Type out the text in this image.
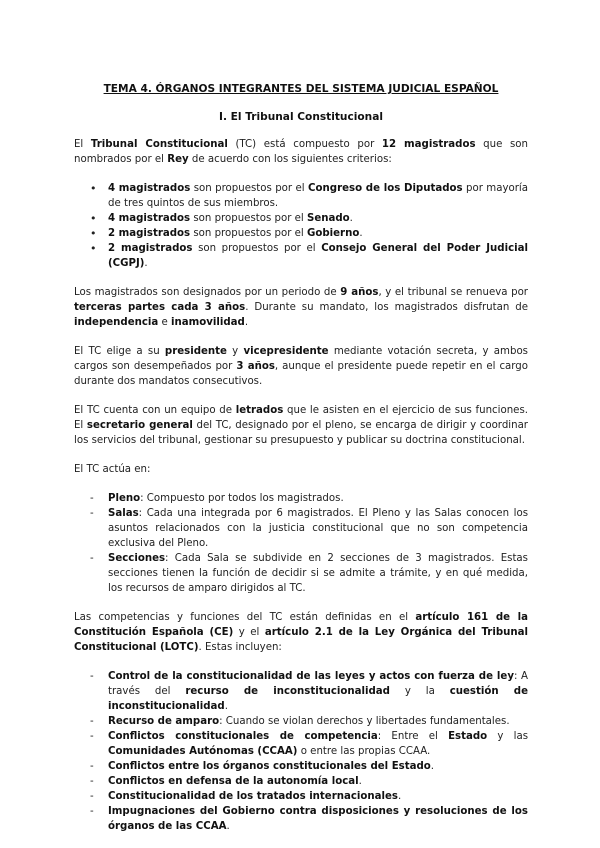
TEMA 4. ÓRGANOS INTEGRANTES DEL SISTEMA JUDICIAL ESPAÑOL
I. El Tribunal Constitucional

El Tribunal Constitucional (TC) está compuesto por 12 magistrados que son nombrados por el Rey de acuerdo con los siguientes criterios:

• 4 magistrados son propuestos por el Congreso de los Diputados por mayoría de tres quintos de sus miembros.
• 4 magistrados son propuestos por el Senado.
• 2 magistrados son propuestos por el Gobierno.
• 2 magistrados son propuestos por el Consejo General del Poder Judicial (CGPJ).

Los magistrados son designados por un periodo de 9 años, y el tribunal se renueva por terceras partes cada 3 años. Durante su mandato, los magistrados disfrutan de independencia e inamovilidad.

El TC elige a su presidente y vicepresidente mediante votación secreta, y ambos cargos son desempeñados por 3 años, aunque el presidente puede repetir en el cargo durante dos mandatos consecutivos.

El TC cuenta con un equipo de letrados que le asisten en el ejercicio de sus funciones. El secretario general del TC, designado por el pleno, se encarga de dirigir y coordinar los servicios del tribunal, gestionar su presupuesto y publicar su doctrina constitucional.

El TC actúa en:

- Pleno: Compuesto por todos los magistrados.
- Salas: Cada una integrada por 6 magistrados. El Pleno y las Salas conocen los asuntos relacionados con la justicia constitucional que no son competencia exclusiva del Pleno.
- Secciones: Cada Sala se subdivide en 2 secciones de 3 magistrados. Estas secciones tienen la función de decidir si se admite a trámite, y en qué medida, los recursos de amparo dirigidos al TC.

Las competencias y funciones del TC están definidas en el artículo 161 de la Constitución Española (CE) y el artículo 2.1 de la Ley Orgánica del Tribunal Constitucional (LOTC). Estas incluyen:

- Control de la constitucionalidad de las leyes y actos con fuerza de ley: A través del recurso de inconstitucionalidad y la cuestión de inconstitucionalidad.
- Recurso de amparo: Cuando se violan derechos y libertades fundamentales.
- Conflictos constitucionales de competencia: Entre el Estado y las Comunidades Autónomas (CCAA) o entre las propias CCAA.
- Conflictos entre los órganos constitucionales del Estado.
- Conflictos en defensa de la autonomía local.
- Constitucionalidad de los tratados internacionales.
- Impugnaciones del Gobierno contra disposiciones y resoluciones de los órganos de las CCAA.
